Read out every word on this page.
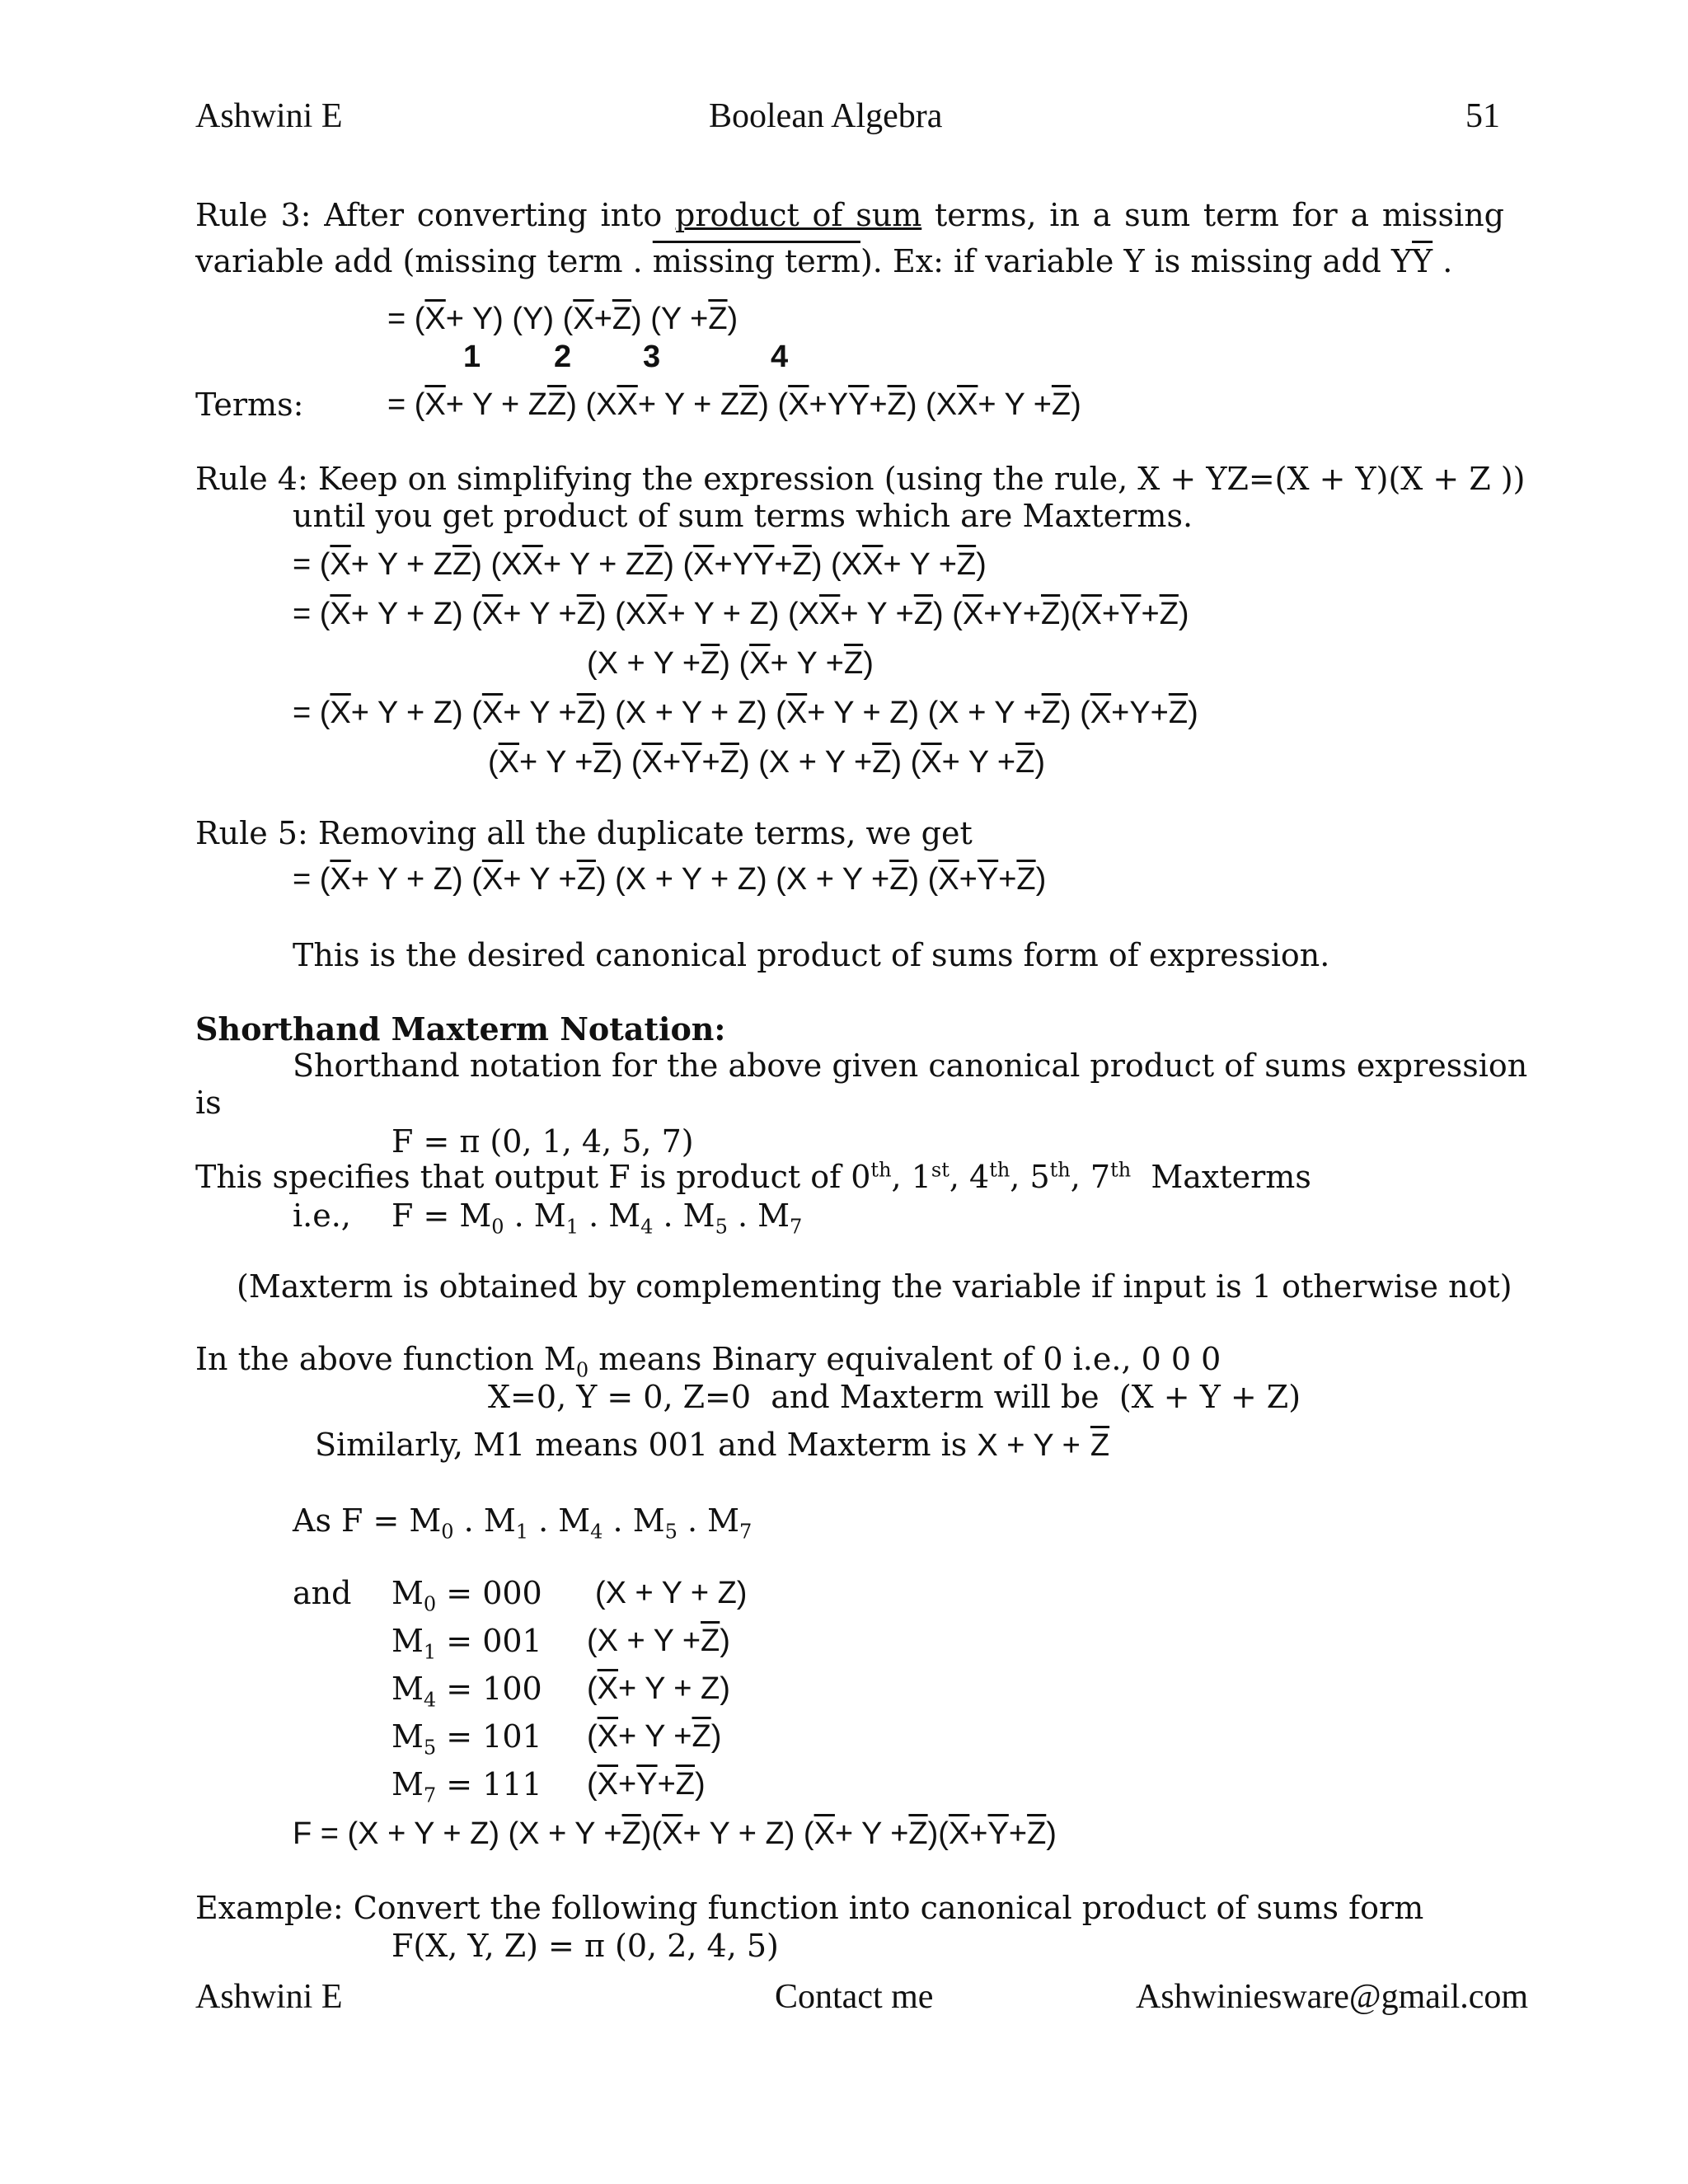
Ashwini E	Boolean Algebra	51
Rule 3: After converting into product of sum terms, in a sum term for a missing
variable add (missing term . missing term). Ex: if variable Y is missing add $Y\overline{Y}$ .
= $(\overline{X}+ Y)$ (Y) $(\overline{X}+\overline{Z})$ $(Y +\overline{Z})$
1 2 3	4
Terms:	= $(\overline{X}+ Y + Z\overline{Z})$ $(X\overline{X}+ Y + Z\overline{Z})$ $(\overline{X}+Y\overline{Y}+\overline{Z})$ $(X\overline{X}+ Y +\overline{Z})$
Rule 4: Keep on simplifying the expression (using the rule, X + YZ=(X + Y)(X + Z ))
until you get product of sum terms which are Maxterms.
= $(\overline{X}+ Y + Z\overline{Z})$ $(X\overline{X}+ Y + Z\overline{Z})$ $(\overline{X}+Y\overline{Y}+\overline{Z})$ $(X\overline{X}+ Y +\overline{Z})$
= $(\overline{X}+ Y + Z)$ $(\overline{X}+ Y +\overline{Z})$ $(X\overline{X}+ Y + Z)$ $(X\overline{X}+ Y +\overline{Z})$ $(\overline{X}+Y+\overline{Z})(\overline{X}+\overline{Y}+\overline{Z})$
$(X + Y +\overline{Z})$ $(\overline{X}+ Y +\overline{Z})$
= $(\overline{X}+ Y + Z)$ $(\overline{X}+ Y +\overline{Z}) (X + Y + Z)$ $(\overline{X}+ Y + Z) (X + Y +\overline{Z})$ $(\overline{X}+Y+\overline{Z})$
$(\overline{X}+ Y +\overline{Z})$ $(\overline{X}+\overline{Y}+\overline{Z}) (X + Y +\overline{Z})$ $(\overline{X}+ Y +\overline{Z})$
Rule 5: Removing all the duplicate terms, we get
= $(\overline{X}+ Y + Z)$ $(\overline{X}+ Y +\overline{Z}) (X + Y + Z) (X + Y +\overline{Z})$ $(\overline{X}+\overline{Y}+\overline{Z})$
This is the desired canonical product of sums form of expression.
Shorthand Maxterm Notation:
Shorthand notation for the above given canonical product of sums expression
is
F = π (0, 1, 4, 5, 7)
This specifies that output F is product of 0th, 1st, 4th, 5th, 7th  Maxterms
i.e., $F = M_0$ . $M_1$ . $M_4$ . $M_5$ . $M_7$
(Maxterm is obtained by complementing the variable if input is 1 otherwise not)
In the above function $M_0$ means Binary equivalent of 0 i.e., 0 0 0
X=0, Y = 0, Z=0  and Maxterm will be  (X + Y + Z)
Similarly, M1 means 001 and Maxterm is $X + Y + \overline{Z}$
As $F = M_0$ . $M_1$ . $M_4$ . $M_5$ . $M_7$
and $M_0 = 000$ (X + Y + Z)
$M_1 = 001$ $(X + Y +\overline{Z})$
$M_4 = 100$ $(\overline{X}+ Y + Z)$
$M_5 = 101$ $(\overline{X}+ Y +\overline{Z})$
$M_7 = 111$ $(\overline{X}+\overline{Y}+\overline{Z})$
F = (X + Y + Z) $(X + Y +\overline{Z})(\overline{X}+ Y + Z)$ $(\overline{X}+ Y +\overline{Z})(\overline{X}+\overline{Y}+\overline{Z})$
Example: Convert the following function into canonical product of sums form
F(X, Y, Z) = π (0, 2, 4, 5)
Ashwini E	Contact me	Ashwiniesware@gmail.com
